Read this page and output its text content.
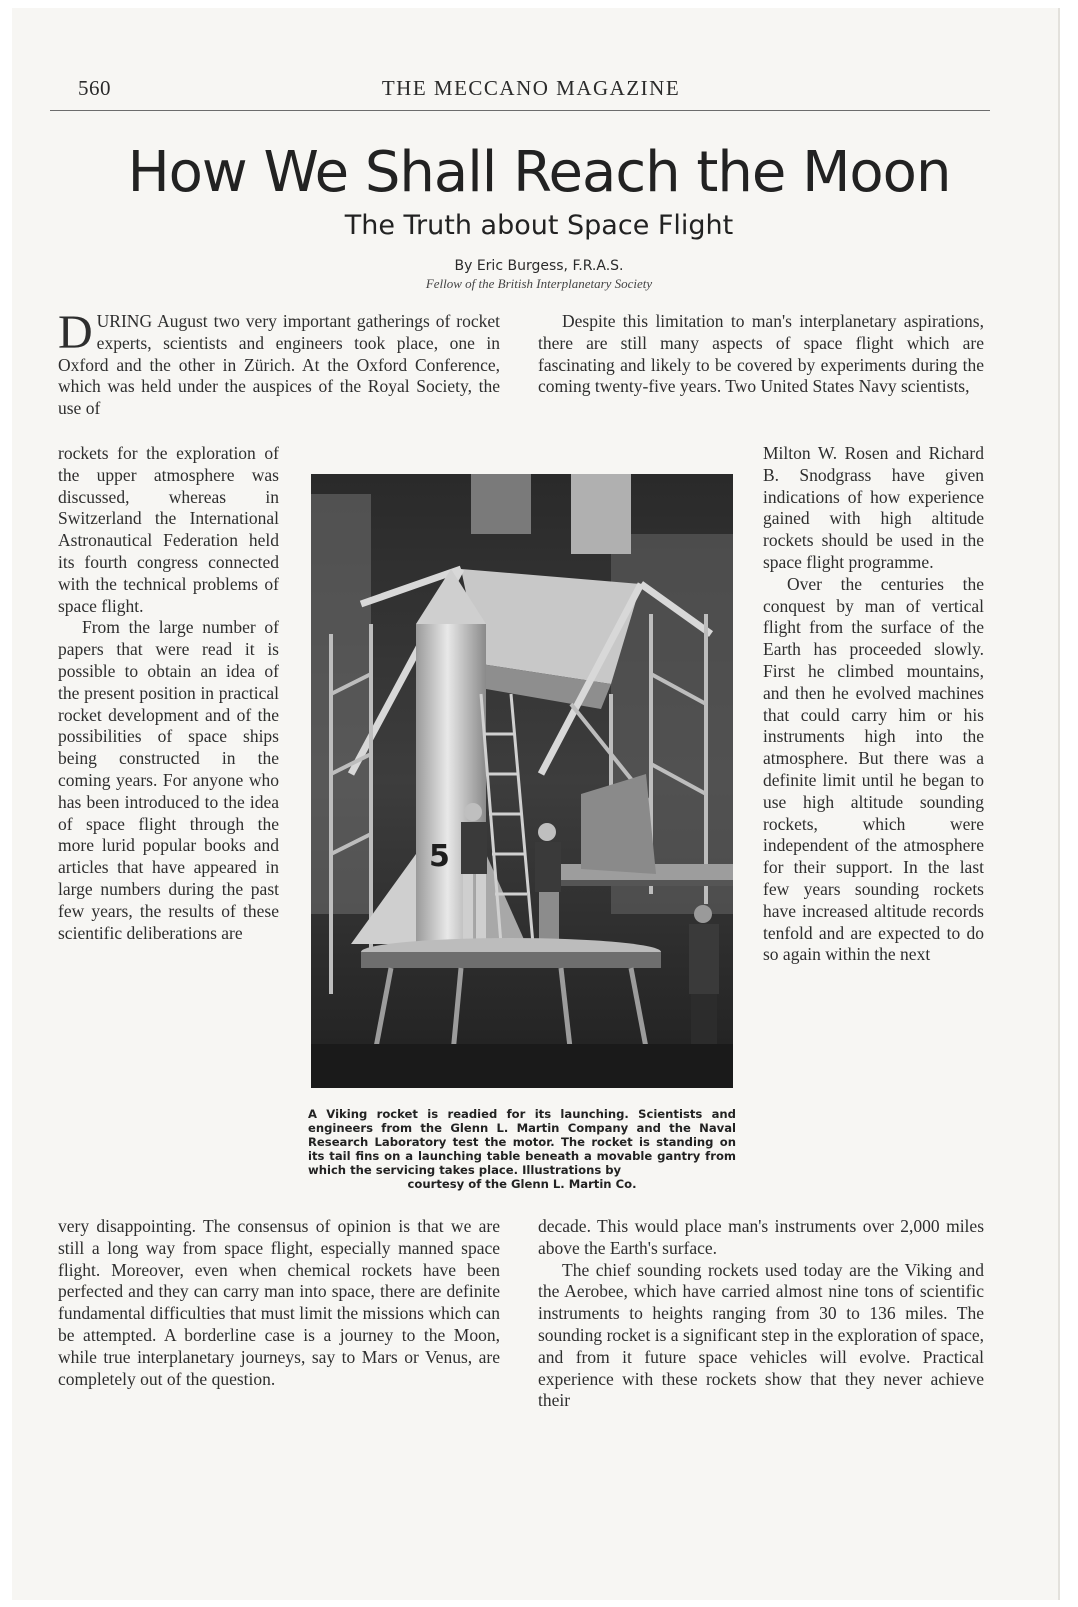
560	THE MECCANO MAGAZINE
How We Shall Reach the Moon
The Truth about Space Flight
By Eric Burgess, F.R.A.S.
Fellow of the British Interplanetary Society

DURING August two very important gatherings of rocket experts, scientists and engineers took place, one in Oxford and the other in Zürich. At the Oxford Conference, which was held under the auspices of the Royal Society, the use of

rockets for the exploration of the upper atmosphere was discussed, whereas in Switzerland the International Astronautical Federation held its fourth congress connected with the technical problems of space flight.

From the large number of papers that were read it is possible to obtain an idea of the present position in practical rocket development and of the possibilities of space ships being constructed in the coming years. For anyone who has been introduced to the idea of space flight through the more lurid popular books and articles that have appeared in large numbers during the past few years, the results of these scientific deliberations are

very disappointing. The consensus of opinion is that we are still a long way from space flight, especially manned space flight. Moreover, even when chemical rockets have been perfected and they can carry man into space, there are definite fundamental difficulties that must limit the missions which can be attempted. A borderline case is a journey to the Moon, while true interplanetary journeys, say to Mars or Venus, are completely out of the question.

Despite this limitation to man's interplanetary aspirations, there are still many aspects of space flight which are fascinating and likely to be covered by experiments during the coming twenty-five years. Two United States Navy scientists,

Milton W. Rosen and Richard B. Snodgrass have given indications of how experience gained with high altitude rockets should be used in the space flight programme.

Over the centuries the conquest by man of vertical flight from the surface of the Earth has proceeded slowly. First he climbed mountains, and then he evolved machines that could carry him or his instruments high into the atmosphere. But there was a definite limit until he began to use high altitude sounding rockets, which were independent of the atmosphere for their support. In the last few years sounding rockets have increased altitude records tenfold and are expected to do so again within the next

decade. This would place man's instruments over 2,000 miles above the Earth's surface.

The chief sounding rockets used today are the Viking and the Aerobee, which have carried almost nine tons of scientific instruments to heights ranging from 30 to 136 miles. The sounding rocket is a significant step in the exploration of space, and from it future space vehicles will evolve. Practical experience with these rockets show that they never achieve their

5
A Viking rocket is readied for its launching. Scientists and engineers from the Glenn L. Martin Company and the Naval Research Laboratory test the motor. The rocket is standing on its tail fins on a launching table beneath a movable gantry from which the servicing takes place. Illustrations by
courtesy of the Glenn L. Martin Co.
